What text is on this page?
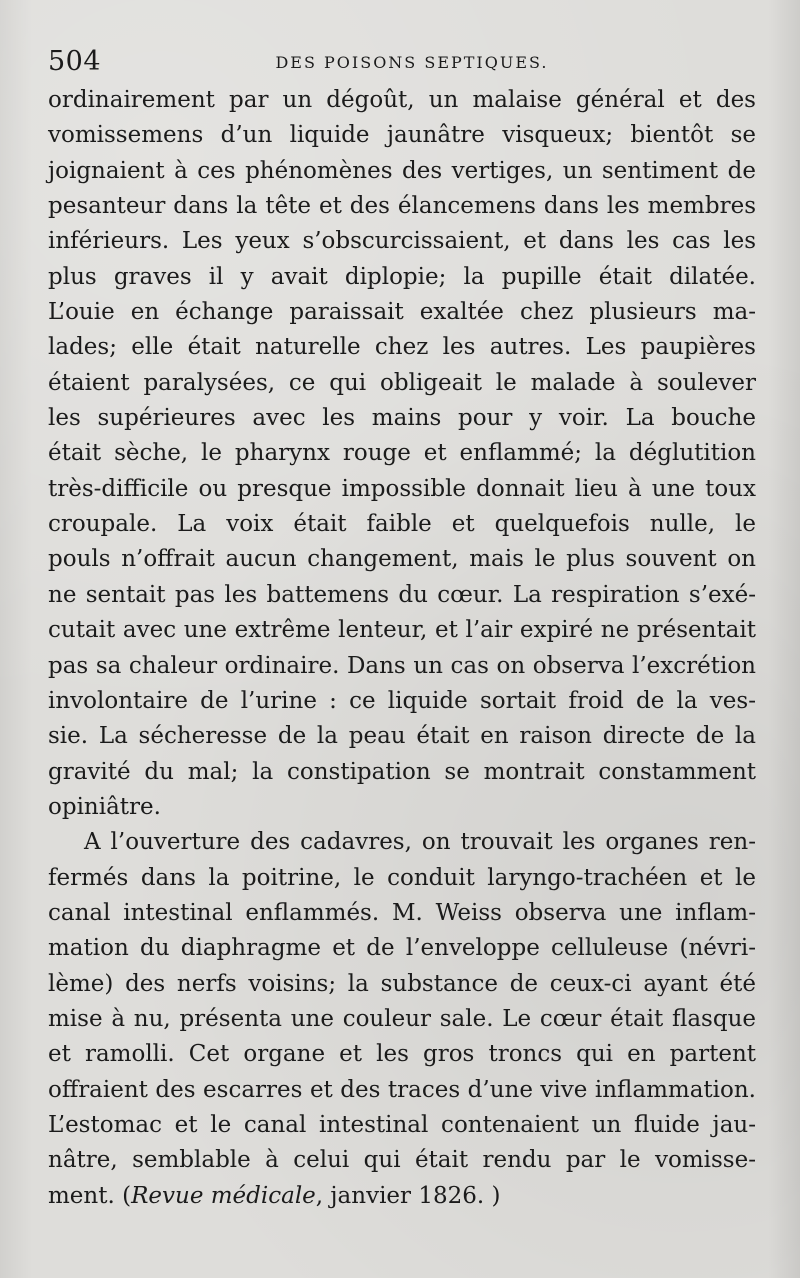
504	DES POISONS SEPTIQUES.
ordinairement par un dégoût, un malaise général et des
vomissemens d’un liquide jaunâtre visqueux; bientôt se
joignaient à ces phénomènes des vertiges, un sentiment de
pesanteur dans la tête et des élancemens dans les membres
inférieurs. Les yeux s’obscurcissaient, et dans les cas les
plus graves il y avait diplopie; la pupille était dilatée.
L’ouie en échange paraissait exaltée chez plusieurs ma-
lades; elle était naturelle chez les autres. Les paupières
étaient paralysées, ce qui obligeait le malade à soulever
les supérieures avec les mains pour y voir. La bouche
était sèche, le pharynx rouge et enflammé; la déglutition
très-difficile ou presque impossible donnait lieu à une toux
croupale. La voix était faible et quelquefois nulle, le
pouls n’offrait aucun changement, mais le plus souvent on
ne sentait pas les battemens du cœur. La respiration s’exé-
cutait avec une extrême lenteur, et l’air expiré ne présentait
pas sa chaleur ordinaire. Dans un cas on observa l’excrétion
involontaire de l’urine : ce liquide sortait froid de la ves-
sie. La sécheresse de la peau était en raison directe de la
gravité du mal; la constipation se montrait constamment
opiniâtre.
A l’ouverture des cadavres, on trouvait les organes ren-
fermés dans la poitrine, le conduit laryngo-trachéen et le
canal intestinal enflammés. M. Weiss observa une inflam-
mation du diaphragme et de l’enveloppe celluleuse (névri-
lème) des nerfs voisins; la substance de ceux-ci ayant été
mise à nu, présenta une couleur sale. Le cœur était flasque
et ramolli. Cet organe et les gros troncs qui en partent
offraient des escarres et des traces d’une vive inflammation.
L’estomac et le canal intestinal contenaient un fluide jau-
nâtre, semblable à celui qui était rendu par le vomisse-
ment. (Revue médicale, janvier 1826. )
